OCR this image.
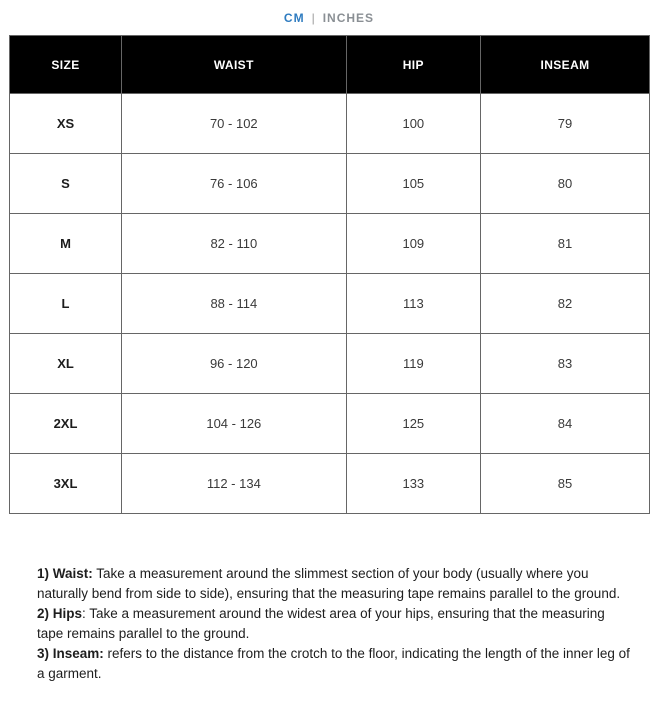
CM | INCHES
SIZE	WAIST	HIP	INSEAM
XS	70 - 102	100	79
S	76 - 106	105	80
M	82 - 110	109	81
L	88 - 114	113	82
XL	96 - 120	119	83
2XL	104 - 126	125	84
3XL	112 - 134	133	85
1) Waist: Take a measurement around the slimmest section of your body (usually where you naturally bend from side to side), ensuring that the measuring tape remains parallel to the ground.
2) Hips: Take a measurement around the widest area of your hips, ensuring that the measuring tape remains parallel to the ground.
3) Inseam: refers to the distance from the crotch to the floor, indicating the length of the inner leg of a garment.
